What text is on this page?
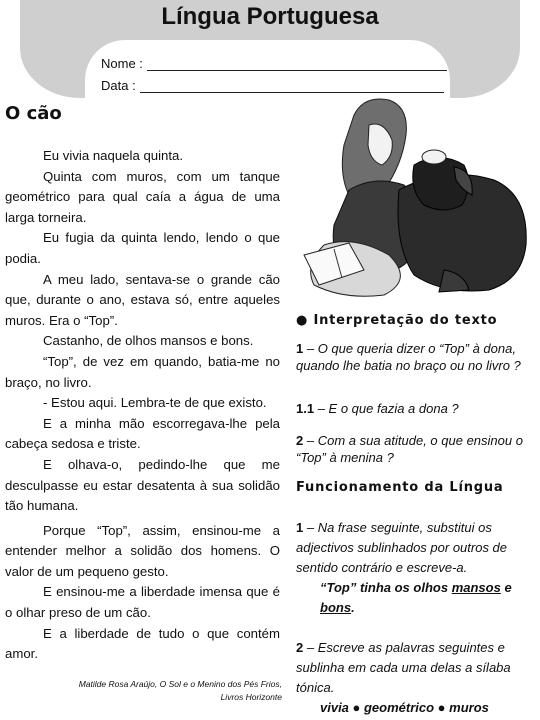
Língua Portuguesa
Nome :
Data :
O cão

Eu vivia naquela quinta.

Quinta com muros, com um tanque geométrico para qual caía a água de uma larga torneira.

Eu fugia da quinta lendo, lendo o que podia.

A meu lado, sentava-se o grande cão que, durante o ano, estava só, entre aqueles muros. Era o “Top”.

Castanho, de olhos mansos e bons.

“Top”, de vez em quando, batia-me no braço, no livro.

- Estou aqui. Lembra-te de que existo.

E a minha mão escorregava-lhe pela cabeça sedosa e triste.

E olhava-o, pedindo-lhe que me desculpasse eu estar desatenta à sua solidão tão humana.

Porque “Top”, assim, ensinou-me a entender melhor a solidão dos homens. O valor de um pequeno gesto.

E ensinou-me a liberdade imensa que é o olhar preso de um cão.

E a liberdade de tudo o que contém amor.

Matilde Rosa Araújo, O Sol e o Menino dos Pés Frios,
Livros Horizonte
● Interpretação do texto
1 – O que queria dizer o “Top” à dona, quando lhe batia no braço ou no livro ?
1.1 – E o que fazia a dona ?
2 – Com a sua atitude, o que ensinou o “Top” à menina ?
Funcionamento da Língua
1 – Na frase seguinte, substitui os adjectivos sublinhados por outros de sentido contrário e escreve-a.
“Top” tinha os olhos mansos e bons.
2 – Escreve as palavras seguintes e sublinha em cada uma delas a sílaba tónica.
vivia ● geométrico ● muros
